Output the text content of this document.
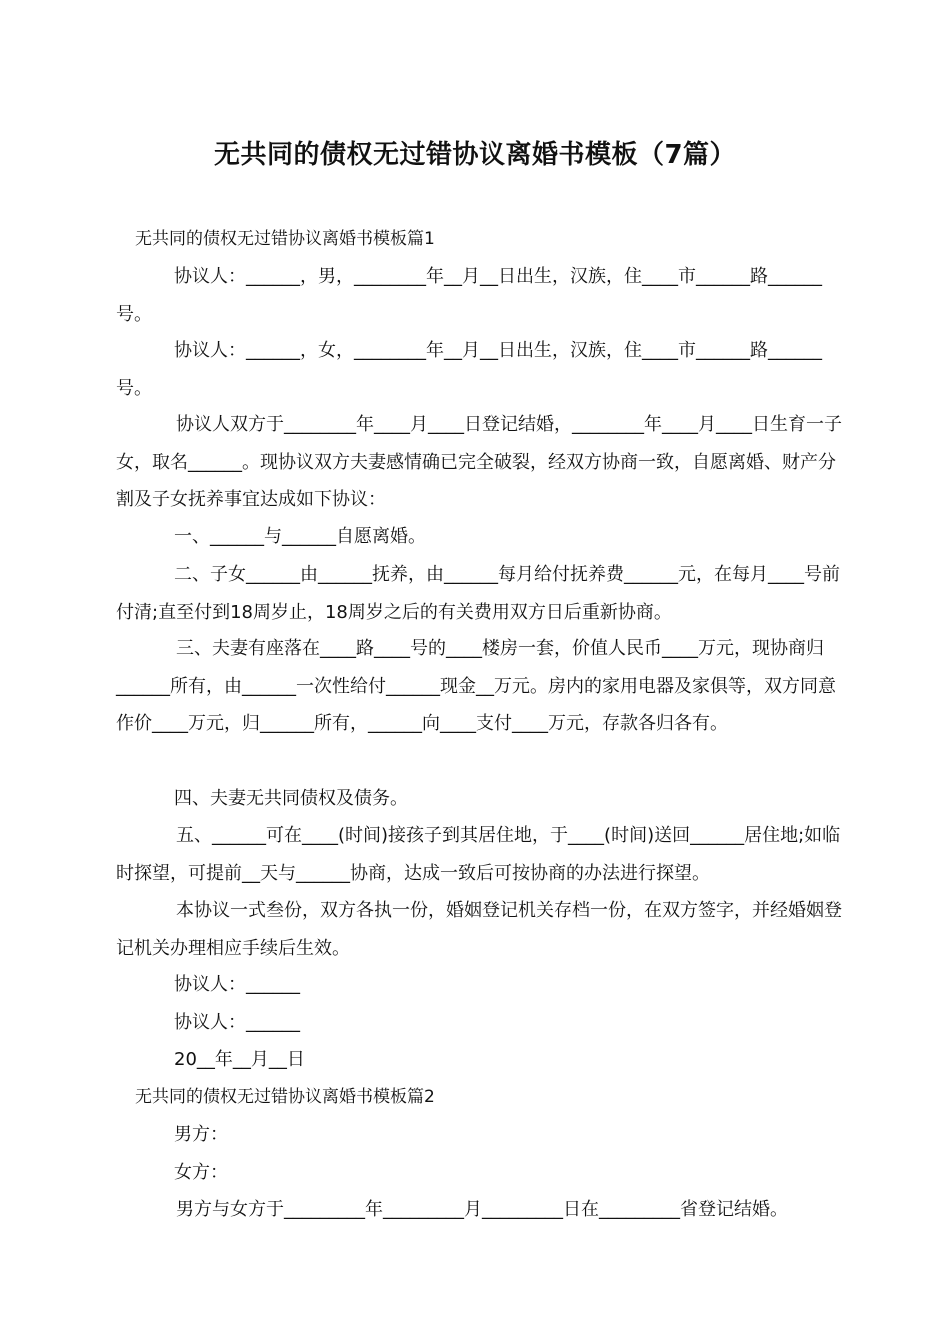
无共同的债权无过错协议离婚书模板（7篇）

无共同的债权无过错协议离婚书模板篇1

协议人：______，男，________年__月__日出生，汉族，住____市______路______号。

协议人：______，女，________年__月__日出生，汉族，住____市______路______号。

协议人双方于________年____月____日登记结婚，________年____月____日生育一子女，取名______。现协议双方夫妻感情确已完全破裂，经双方协商一致，自愿离婚、财产分割及子女抚养事宜达成如下协议：

一、______与______自愿离婚。

二、子女______由______抚养，由______每月给付抚养费______元，在每月____号前付清;直至付到18周岁止，18周岁之后的有关费用双方日后重新协商。

三、夫妻有座落在____路____号的____楼房一套，价值人民币____万元，现协商归______所有，由______一次性给付______现金__万元。房内的家用电器及家俱等，双方同意作价____万元，归______所有，______向____支付____万元，存款各归各有。

四、夫妻无共同债权及债务。

五、______可在____(时间)接孩子到其居住地，于____(时间)送回______居住地;如临时探望，可提前__天与______协商，达成一致后可按协商的办法进行探望。

本协议一式叁份，双方各执一份，婚姻登记机关存档一份，在双方签字，并经婚姻登记机关办理相应手续后生效。

协议人：______

协议人：______

20__年__月__日

无共同的债权无过错协议离婚书模板篇2

男方：

女方：

男方与女方于_________年_________月_________日在_________省登记结婚。
